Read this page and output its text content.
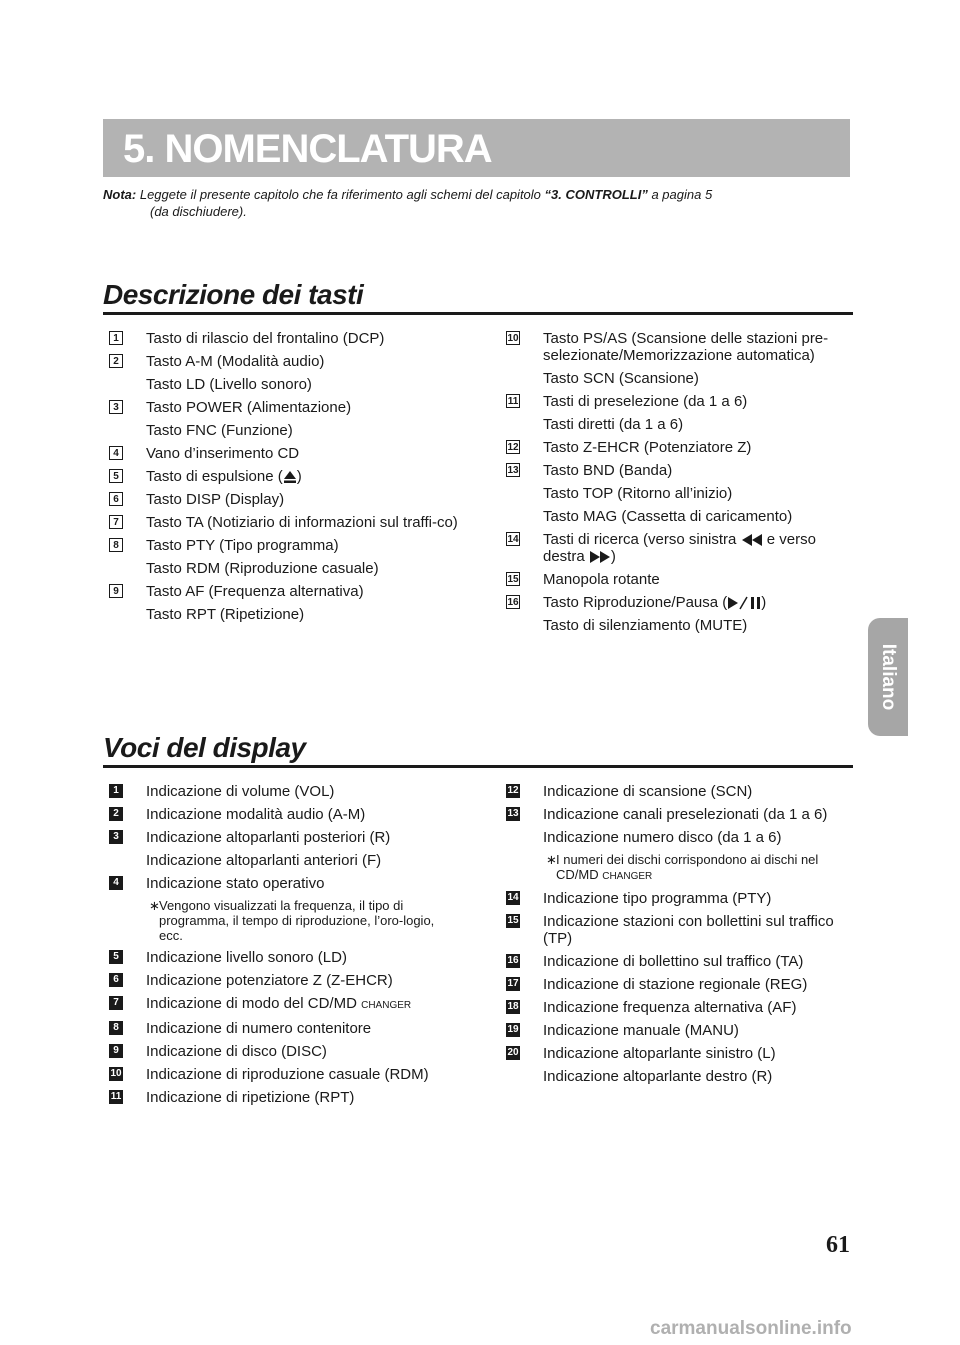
5. NOMENCLATURA
Nota: Leggete il presente capitolo che fa riferimento agli schemi del capitolo “3. CONTROLLI” a pagina 5
(da dischiudere).
Descrizione dei tasti
1 Tasto di rilascio del frontalino (DCP)
2 Tasto A-M (Modalità audio)
Tasto LD (Livello sonoro)
3 Tasto POWER (Alimentazione)
Tasto FNC (Funzione)
4 Vano d’inserimento CD
5 Tasto di espulsione ( )
6 Tasto DISP (Display)
7 Tasto TA (Notiziario di informazioni sul traffi-co)
8 Tasto PTY (Tipo programma)
Tasto RDM (Riproduzione casuale)
9 Tasto AF (Frequenza alternativa)
Tasto RPT (Ripetizione)
10 Tasto PS/AS (Scansione delle stazioni pre-selezionate/Memorizzazione automatica)
Tasto SCN (Scansione)
11 Tasti di preselezione (da 1 a 6)
Tasti diretti (da 1 a 6)
12 Tasto Z-EHCR (Potenziatore Z)
13 Tasto BND (Banda)
Tasto TOP (Ritorno all’inizio)
Tasto MAG (Cassetta di caricamento)
14 Tasti di ricerca (verso sinistra e verso destra )
15 Manopola rotante
16 Tasto Riproduzione/Pausa ( )
Tasto di silenziamento (MUTE)
Voci del display
1 Indicazione di volume (VOL)
2 Indicazione modalità audio (A-M)
3 Indicazione altoparlanti posteriori (R)
Indicazione altoparlanti anteriori (F)
4 Indicazione stato operativo
∗ Vengono visualizzati la frequenza, il tipo di programma, il tempo di riproduzione, l’oro-logio, ecc.
5 Indicazione livello sonoro (LD)
6 Indicazione potenziatore Z (Z-EHCR)
7 Indicazione di modo del CD/MD CHANGER
8 Indicazione di numero contenitore
9 Indicazione di disco (DISC)
10 Indicazione di riproduzione casuale (RDM)
11 Indicazione di ripetizione (RPT)
12 Indicazione di scansione (SCN)
13 Indicazione canali preselezionati (da 1 a 6)
Indicazione numero disco (da 1 a 6)
∗ I numeri dei dischi corrispondono ai dischi nel CD/MD CHANGER
14 Indicazione tipo programma (PTY)
15 Indicazione stazioni con bollettini sul traffico (TP)
16 Indicazione di bollettino sul traffico (TA)
17 Indicazione di stazione regionale (REG)
18 Indicazione frequenza alternativa (AF)
19 Indicazione manuale (MANU)
20 Indicazione altoparlante sinistro (L)
Indicazione altoparlante destro (R)
Italiano
61
carmanualsonline.info
